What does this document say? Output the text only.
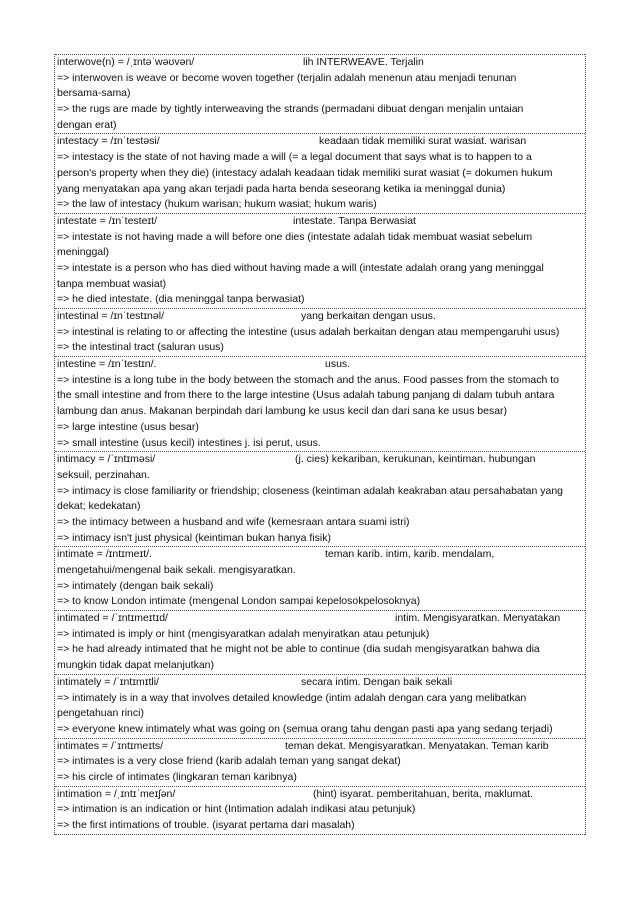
interwove(n) = /ˌɪntəˈwəʊvən/	lih INTERWEAVE. Terjalin
=> interwoven is weave or become woven together (terjalin adalah menenun atau menjadi tenunan
bersama-sama)
=> the rugs are made by tightly interweaving the strands (permadani dibuat dengan menjalin untaian
dengan erat)
intestacy = /ɪnˈtestəsi/	keadaan tidak memiliki surat wasiat. warisan
=> intestacy is the state of not having made a will (= a legal document that says what is to happen to a
person's property when they die) (intestacy adalah keadaan tidak memiliki surat wasiat (= dokumen hukum
yang menyatakan apa yang akan terjadi pada harta benda seseorang ketika ia meninggal dunia)
=> the law of intestacy (hukum warisan; hukum wasiat; hukum waris)
intestate = /ɪnˈtesteɪt/	intestate. Tanpa Berwasiat
=> intestate is not having made a will before one dies (intestate adalah tidak membuat wasiat sebelum
meninggal)
=> intestate is a person who has died without having made a will (intestate adalah orang yang meninggal
tanpa membuat wasiat)
=> he died intestate. (dia meninggal tanpa berwasiat)
intestinal = /ɪnˈtestɪnəl/	yang berkaitan dengan usus.
=> intestinal is relating to or affecting the intestine (usus adalah berkaitan dengan atau mempengaruhi usus)
=> the intestinal tract (saluran usus)
intestine = /ɪnˈtestɪn/.	usus.
=> intestine is a long tube in the body between the stomach and the anus. Food passes from the stomach to
the small intestine and from there to the large intestine (Usus adalah tabung panjang di dalam tubuh antara
lambung dan anus. Makanan berpindah dari lambung ke usus kecil dan dari sana ke usus besar)
=> large intestine (usus besar)
=> small intestine (usus kecil) intestines j. isi perut, usus.
intimacy = /ˈɪntɪməsi/	(j. cies) kekariban, kerukunan, keintiman. hubungan
seksuil, perzinahan.
=> intimacy is close familiarity or friendship; closeness (keintiman adalah keakraban atau persahabatan yang
dekat; kedekatan)
=> the intimacy between a husband and wife (kemesraan antara suami istri)
=> intimacy isn't just physical (keintiman bukan hanya fisik)
intimate = /ɪntɪmeɪt/.	teman karib. intim, karib. mendalam,
mengetahui/mengenal baik sekali. mengisyaratkan.
=> intimately (dengan baik sekali)
=> to know London intimate (mengenal London sampai kepelosokpelosoknya)
intimated = /ˈɪntɪmeɪtɪd/	intim. Mengisyaratkan. Menyatakan
=> intimated is imply or hint (mengisyaratkan adalah menyiratkan atau petunjuk)
=> he had already intimated that he might not be able to continue (dia sudah mengisyaratkan bahwa dia
mungkin tidak dapat melanjutkan)
intimately = /ˈɪntɪmɪtli/	secara intim. Dengan baik sekali
=> intimately is in a way that involves detailed knowledge (intim adalah dengan cara yang melibatkan
pengetahuan rinci)
=> everyone knew intimately what was going on (semua orang tahu dengan pasti apa yang sedang terjadi)
intimates = /ˈɪntɪmeɪts/	teman dekat. Mengisyaratkan. Menyatakan. Teman karib
=> intimates is a very close friend (karib adalah teman yang sangat dekat)
=> his circle of intimates (lingkaran teman karibnya)
intimation = /ˌɪntɪˈmeɪʃən/	(hint) isyarat. pemberitahuan, berita, maklumat.
=> intimation is an indication or hint (Intimation adalah indikasi atau petunjuk)
=> the first intimations of trouble. (isyarat pertama dari masalah)
